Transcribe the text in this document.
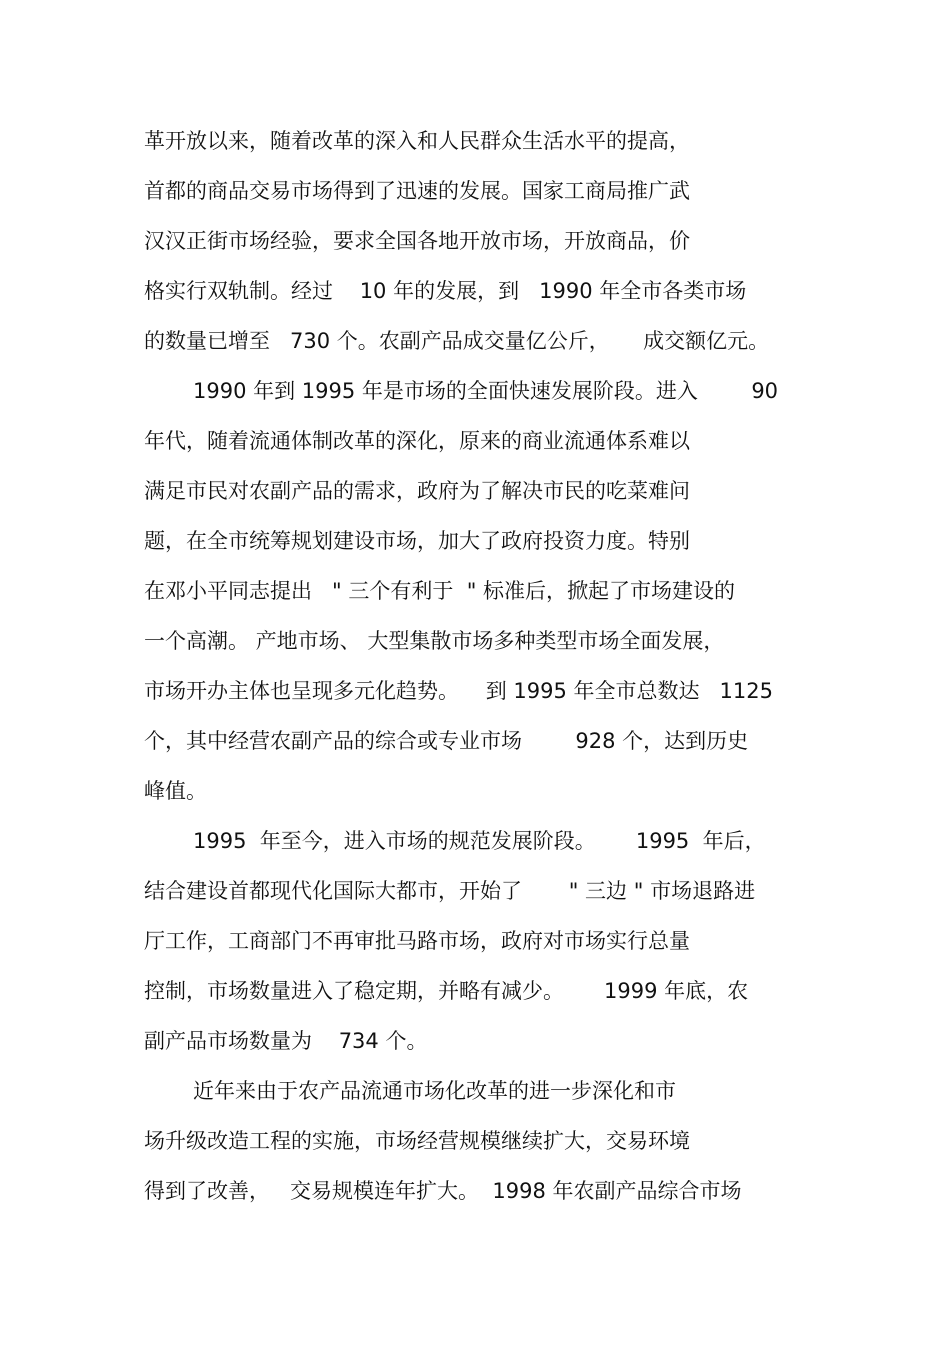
革开放以来，随着改革的深入和人民群众生活水平的提高，
首都的商品交易市场得到了迅速的发展。国家工商局推广武
汉汉正街市场经验，要求全国各地开放市场，开放商品，价
格实行双轨制。经过    10 年的发展，到   1990 年全市各类市场
的数量已增至   730 个。农副产品成交量亿公斤，     成交额亿元。
1990 年到 1995 年是市场的全面快速发展阶段。进入        90
年代，随着流通体制改革的深化，原来的商业流通体系难以
满足市民对农副产品的需求，政府为了解决市民的吃菜难问
题，在全市统筹规划建设市场，加大了政府投资力度。特别
在邓小平同志提出   " 三个有利于  " 标准后，掀起了市场建设的
一个高潮。 产地市场、 大型集散市场多种类型市场全面发展，
市场开办主体也呈现多元化趋势。    到 1995 年全市总数达   1125
个，其中经营农副产品的综合或专业市场        928 个，达到历史
峰值。
1995  年至今，进入市场的规范发展阶段。      1995  年后，
结合建设首都现代化国际大都市，开始了       " 三边 " 市场退路进
厅工作，工商部门不再审批马路市场，政府对市场实行总量
控制，市场数量进入了稳定期，并略有减少。      1999 年底，农
副产品市场数量为    734 个。
近年来由于农产品流通市场化改革的进一步深化和市
场升级改造工程的实施，市场经营规模继续扩大，交易环境
得到了改善，   交易规模连年扩大。  1998 年农副产品综合市场
